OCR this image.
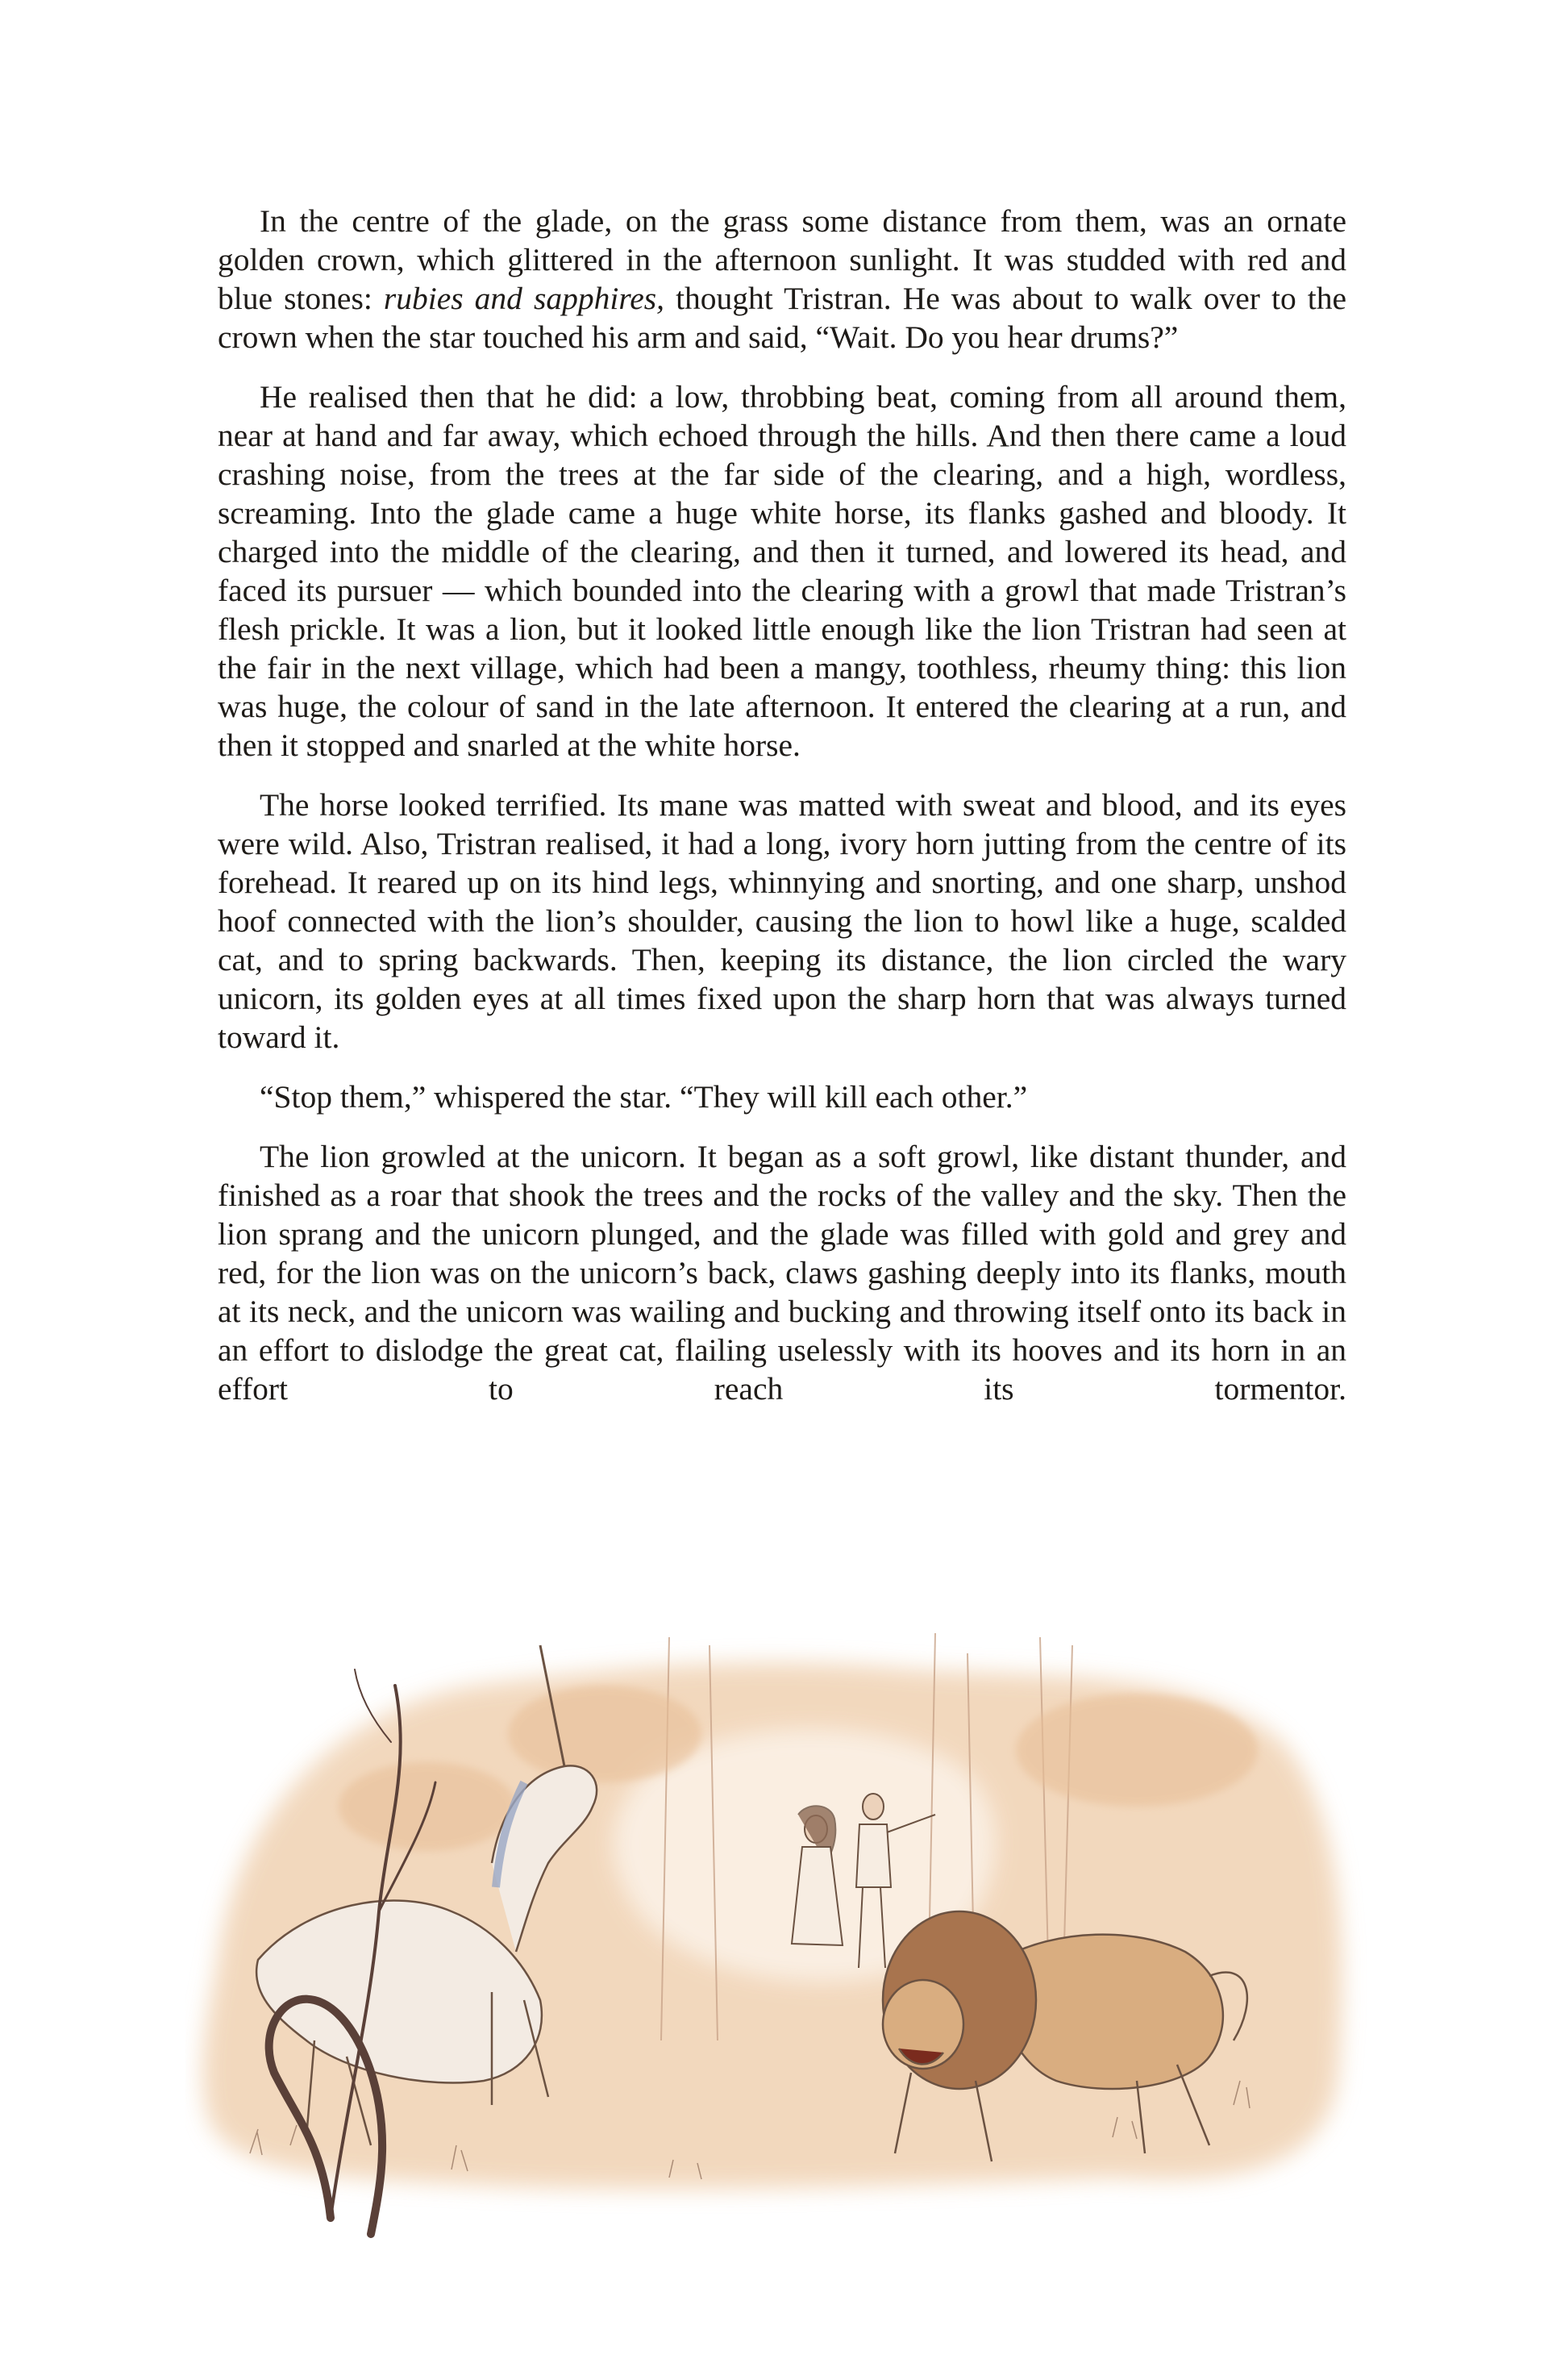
In the centre of the glade, on the grass some distance from them, was an ornate golden crown, which glittered in the afternoon sunlight. It was studded with red and blue stones: rubies and sapphires, thought Tristran. He was about to walk over to the crown when the star touched his arm and said, “Wait. Do you hear drums?”

He realised then that he did: a low, throbbing beat, coming from all around them, near at hand and far away, which echoed through the hills. And then there came a loud crashing noise, from the trees at the far side of the clearing, and a high, wordless, screaming. Into the glade came a huge white horse, its flanks gashed and bloody. It charged into the middle of the clearing, and then it turned, and lowered its head, and faced its pursuer — which bounded into the clearing with a growl that made Tristran’s flesh prickle. It was a lion, but it looked little enough like the lion Tristran had seen at the fair in the next village, which had been a mangy, toothless, rheumy thing: this lion was huge, the colour of sand in the late afternoon. It entered the clearing at a run, and then it stopped and snarled at the white horse.

The horse looked terrified. Its mane was matted with sweat and blood, and its eyes were wild. Also, Tristran realised, it had a long, ivory horn jutting from the centre of its forehead. It reared up on its hind legs, whinnying and snorting, and one sharp, unshod hoof connected with the lion’s shoulder, causing the lion to howl like a huge, scalded cat, and to spring backwards. Then, keeping its distance, the lion circled the wary unicorn, its golden eyes at all times fixed upon the sharp horn that was always turned toward it.

“Stop them,” whispered the star. “They will kill each other.”

The lion growled at the unicorn. It began as a soft growl, like distant thunder, and finished as a roar that shook the trees and the rocks of the valley and the sky. Then the lion sprang and the unicorn plunged, and the glade was filled with gold and grey and red, for the lion was on the unicorn’s back, claws gashing deeply into its flanks, mouth at its neck, and the unicorn was wailing and bucking and throwing itself onto its back in an effort to dislodge the great cat, flailing uselessly with its hooves and its horn in an effort to reach its tormentor.
